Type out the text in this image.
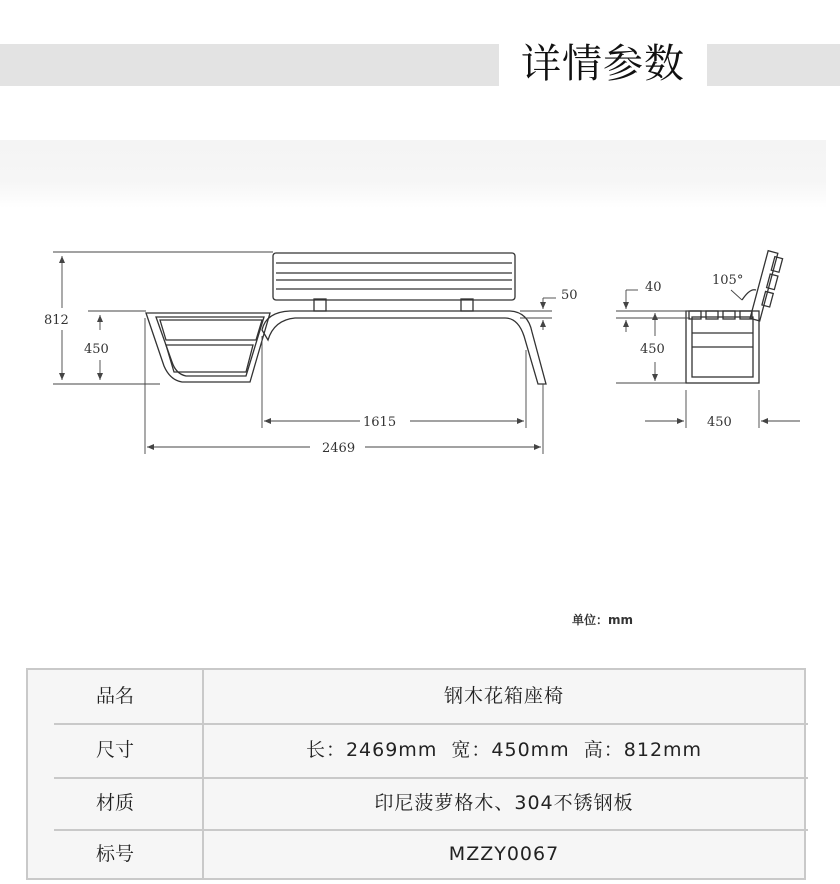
详情参数
812
450
50
1615
2469
40	105°
450
450
单位：mm
品名	钢木花箱座椅
尺寸	长：2469mm  宽：450mm  高：812mm
材质	印尼菠萝格木、304不锈钢板
标号	MZZY0067
